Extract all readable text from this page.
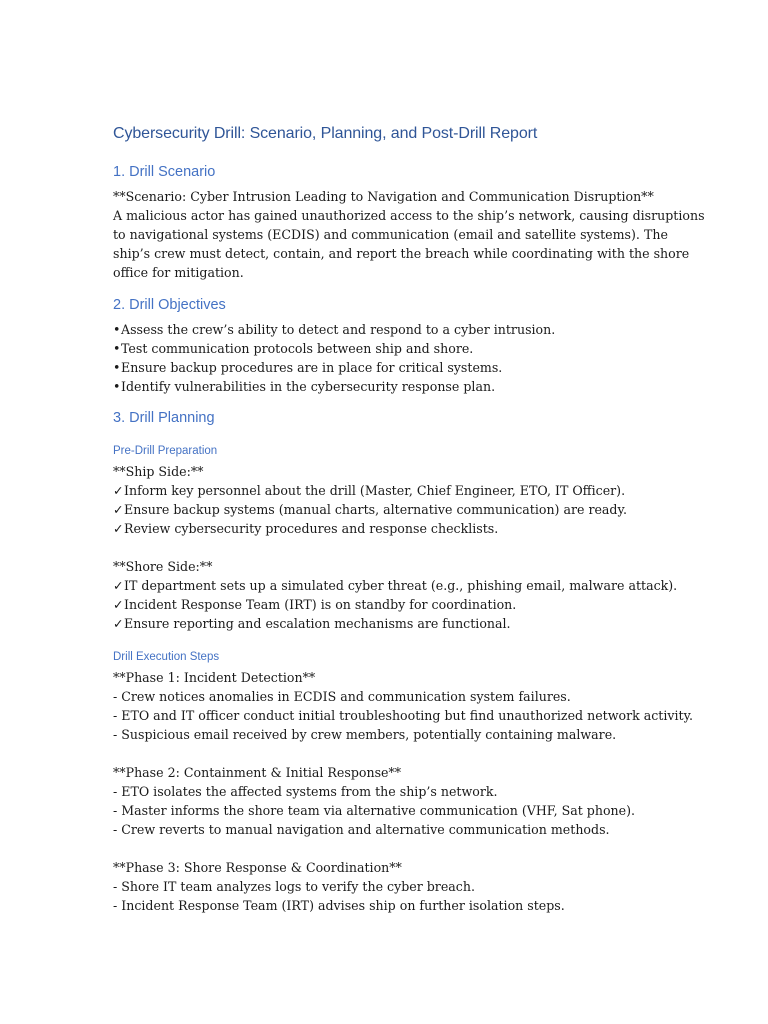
Cybersecurity Drill: Scenario, Planning, and Post-Drill Report
1. Drill Scenario

**Scenario: Cyber Intrusion Leading to Navigation and Communication Disruption**

A malicious actor has gained unauthorized access to the ship’s network, causing disruptions

to navigational systems (ECDIS) and communication (email and satellite systems). The

ship’s crew must detect, contain, and report the breach while coordinating with the shore

office for mitigation.

2. Drill Objectives

•Assess the crew’s ability to detect and respond to a cyber intrusion.

•Test communication protocols between ship and shore.

•Ensure backup procedures are in place for critical systems.

•Identify vulnerabilities in the cybersecurity response plan.

3. Drill Planning
Pre-Drill Preparation

**Ship Side:**

✓Inform key personnel about the drill (Master, Chief Engineer, ETO, IT Officer).

✓Ensure backup systems (manual charts, alternative communication) are ready.

✓Review cybersecurity procedures and response checklists.

**Shore Side:**

✓IT department sets up a simulated cyber threat (e.g., phishing email, malware attack).

✓Incident Response Team (IRT) is on standby for coordination.

✓Ensure reporting and escalation mechanisms are functional.

Drill Execution Steps

**Phase 1: Incident Detection**

- Crew notices anomalies in ECDIS and communication system failures.

- ETO and IT officer conduct initial troubleshooting but find unauthorized network activity.

- Suspicious email received by crew members, potentially containing malware.

**Phase 2: Containment & Initial Response**

- ETO isolates the affected systems from the ship’s network.

- Master informs the shore team via alternative communication (VHF, Sat phone).

- Crew reverts to manual navigation and alternative communication methods.

**Phase 3: Shore Response & Coordination**

- Shore IT team analyzes logs to verify the cyber breach.

- Incident Response Team (IRT) advises ship on further isolation steps.
